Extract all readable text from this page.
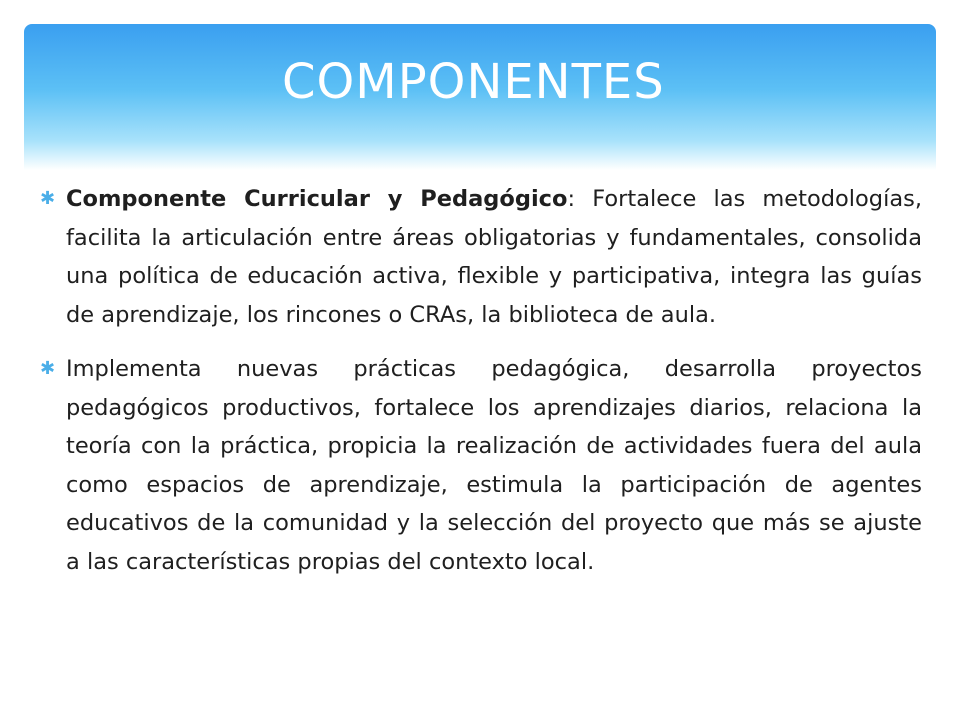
COMPONENTES
✱ Componente Curricular y Pedagógico: Fortalece las metodologías, facilita la articulación entre áreas obligatorias y fundamentales, consolida una política de educación activa, flexible y participativa, integra las guías de aprendizaje, los rincones o CRAs, la biblioteca de aula.
✱ Implementa nuevas prácticas pedagógica, desarrolla proyectos pedagógicos productivos, fortalece los aprendizajes diarios, relaciona la teoría con la práctica, propicia la realización de actividades fuera del aula como espacios de aprendizaje, estimula la participación de agentes educativos de la comunidad y la selección del proyecto que más se ajuste a las características propias del contexto local.
